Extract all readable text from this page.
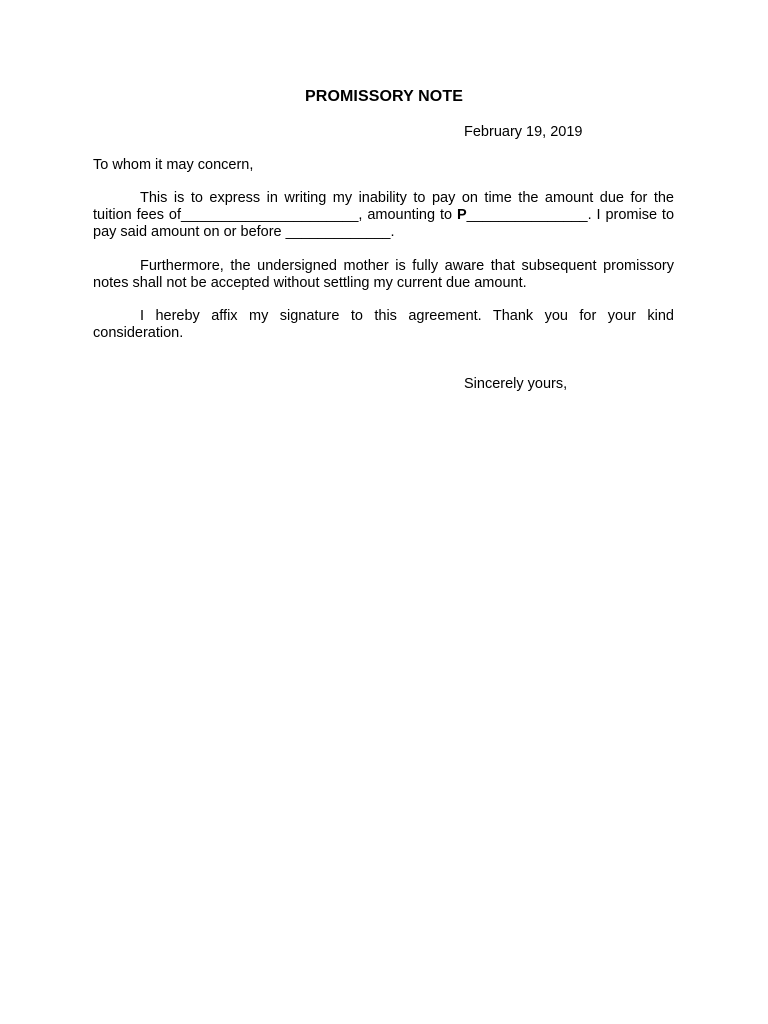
PROMISSORY NOTE
February 19, 2019
To whom it may concern,

This is to express in writing my inability to pay on time the amount due for the tuition fees of______________________, amounting to P_______________. I promise to pay said amount on or before _____________.

Furthermore, the undersigned mother is fully aware that subsequent promissory notes shall not be accepted without settling my current due amount.

I hereby affix my signature to this agreement. Thank you for your kind consideration.

Sincerely yours,
